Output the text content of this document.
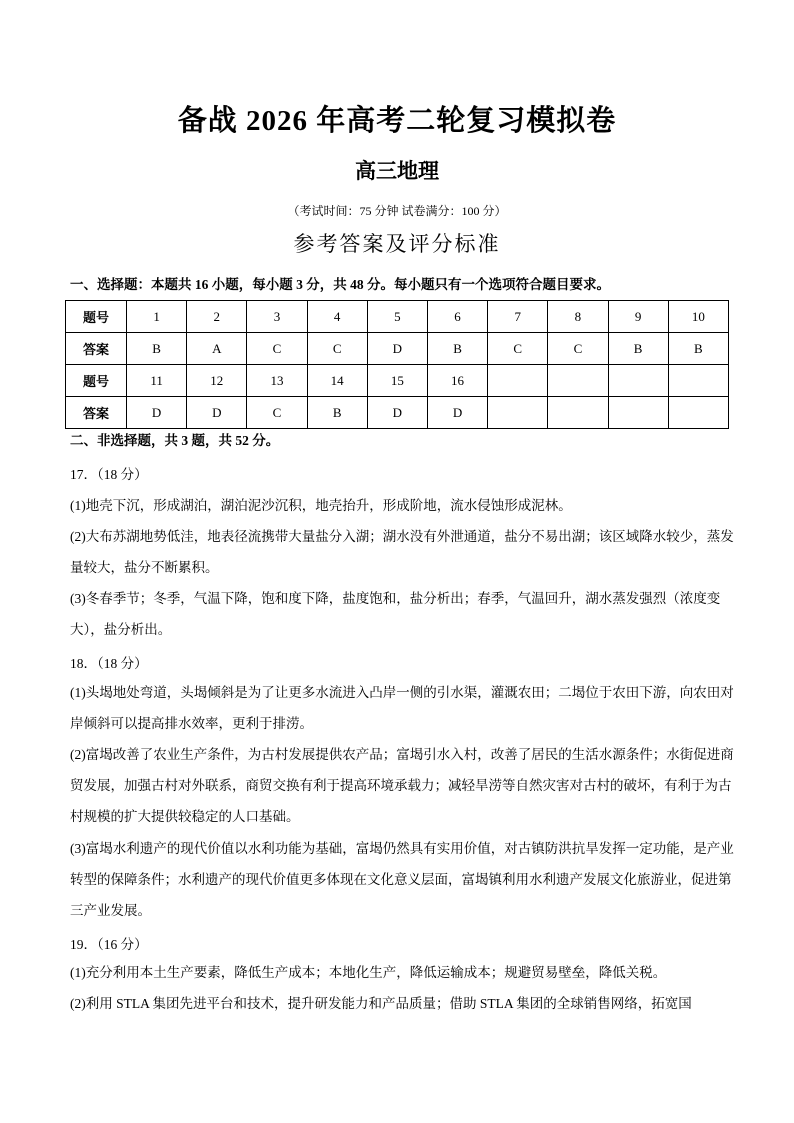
备战 2026 年高考二轮复习模拟卷
高三地理
（考试时间：75 分钟 试卷满分：100 分）
参考答案及评分标准
一、选择题：本题共 16 小题，每小题 3 分，共 48 分。每小题只有一个选项符合题目要求。
题号	1	2	3	4	5	6	7	8	9	10
答案	B	A	C	C	D	B	C	C	B	B
题号	11	12	13	14	15	16				
答案	D	D	C	B	D	D				
二、非选择题，共 3 题，共 52 分。
17．（18 分）
(1)地壳下沉，形成湖泊，湖泊泥沙沉积，地壳抬升，形成阶地，流水侵蚀形成泥林。
(2)大布苏湖地势低洼，地表径流携带大量盐分入湖；湖水没有外泄通道，盐分不易出湖；该区域降水较少，蒸发量较大，盐分不断累积。
(3)冬春季节；冬季，气温下降，饱和度下降，盐度饱和，盐分析出；春季，气温回升，湖水蒸发强烈（浓度变大），盐分析出。
18．（18 分）
(1)头堨地处弯道，头堨倾斜是为了让更多水流进入凸岸一侧的引水渠，灌溉农田；二堨位于农田下游，向农田对岸倾斜可以提高排水效率，更利于排涝。
(2)富堨改善了农业生产条件，为古村发展提供农产品；富堨引水入村，改善了居民的生活水源条件；水街促进商贸发展，加强古村对外联系，商贸交换有利于提高环境承载力；减轻旱涝等自然灾害对古村的破坏，有利于为古村规模的扩大提供较稳定的人口基础。
(3)富堨水利遗产的现代价值以水利功能为基础，富堨仍然具有实用价值，对古镇防洪抗旱发挥一定功能，是产业转型的保障条件；水利遗产的现代价值更多体现在文化意义层面，富堨镇利用水利遗产发展文化旅游业，促进第三产业发展。
19．（16 分）
(1)充分利用本土生产要素，降低生产成本；本地化生产，降低运输成本；规避贸易壁垒，降低关税。
(2)利用 STLA 集团先进平台和技术，提升研发能力和产品质量；借助 STLA 集团的全球销售网络，拓宽国
